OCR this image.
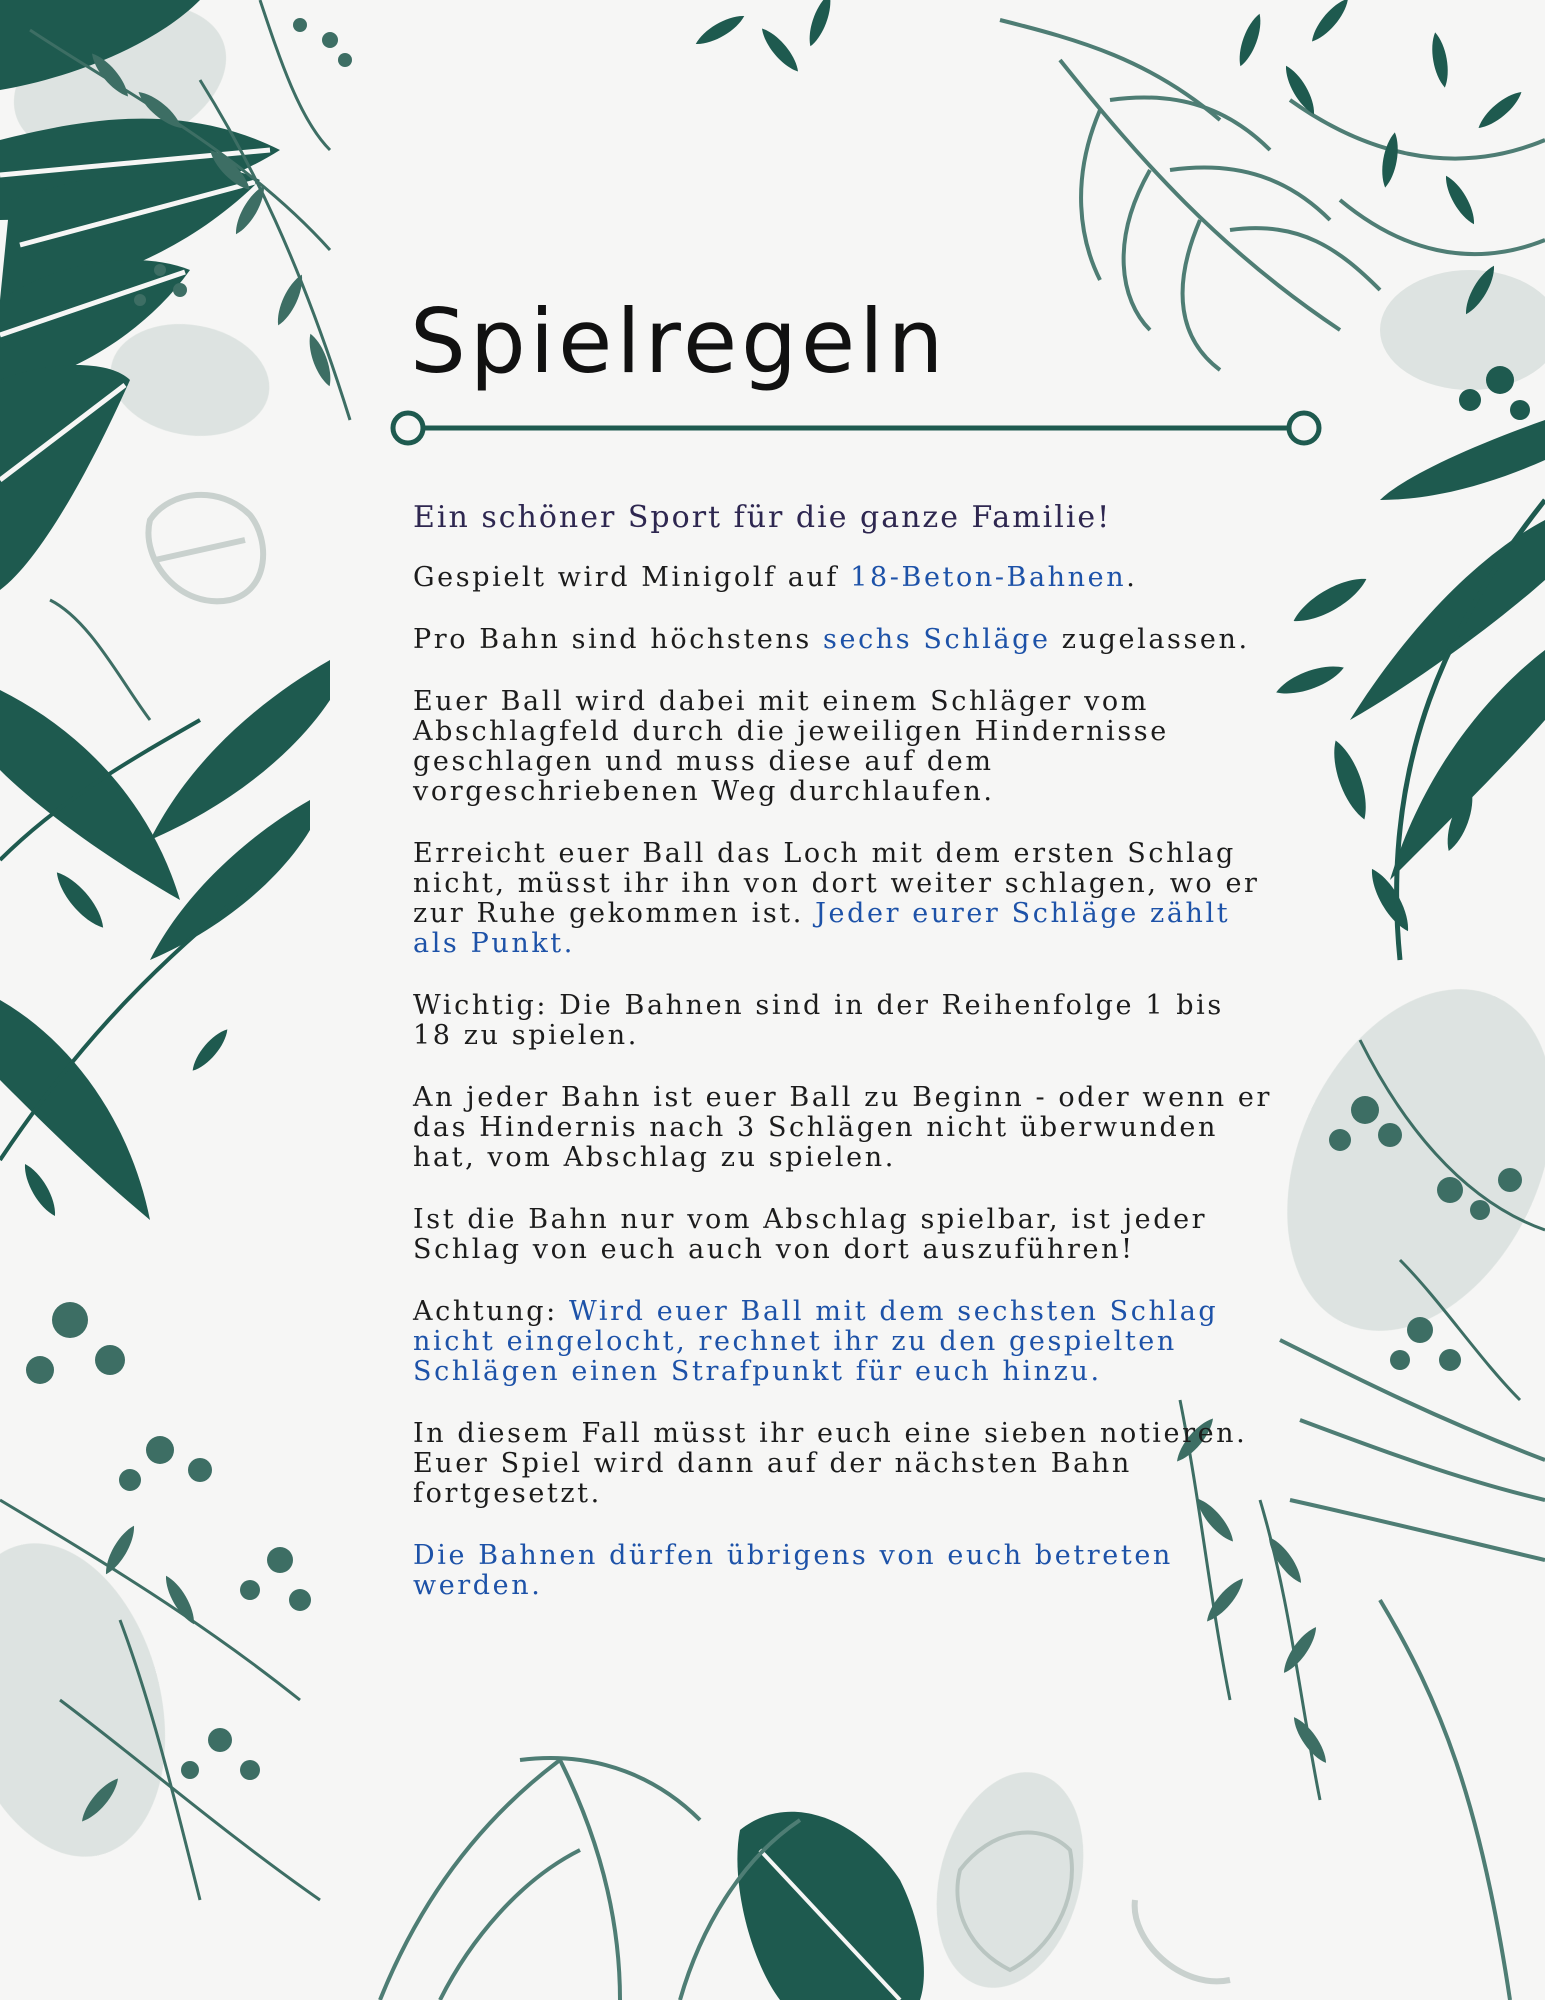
Spielregeln
Ein schöner Sport für die ganze Familie!

Gespielt wird Minigolf auf 18-Beton-Bahnen.

Pro Bahn sind höchstens sechs Schläge zugelassen.

Euer Ball wird dabei mit einem Schläger vom Abschlagfeld durch die jeweiligen Hindernisse geschlagen und muss diese auf dem vorgeschriebenen Weg durchlaufen.

Erreicht euer Ball das Loch mit dem ersten Schlag nicht, müsst ihr ihn von dort weiter schlagen, wo er zur Ruhe gekommen ist. Jeder eurer Schläge zählt als Punkt.

Wichtig: Die Bahnen sind in der Reihenfolge 1 bis 18 zu spielen.

An jeder Bahn ist euer Ball zu Beginn - oder wenn er das Hindernis nach 3 Schlägen nicht überwunden hat, vom Abschlag zu spielen.

Ist die Bahn nur vom Abschlag spielbar, ist jeder Schlag von euch auch von dort auszuführen!

Achtung: Wird euer Ball mit dem sechsten Schlag nicht eingelocht, rechnet ihr zu den gespielten Schlägen einen Strafpunkt für euch hinzu.

In diesem Fall müsst ihr euch eine sieben notieren. Euer Spiel wird dann auf der nächsten Bahn fortgesetzt.

Die Bahnen dürfen übrigens von euch betreten werden.
